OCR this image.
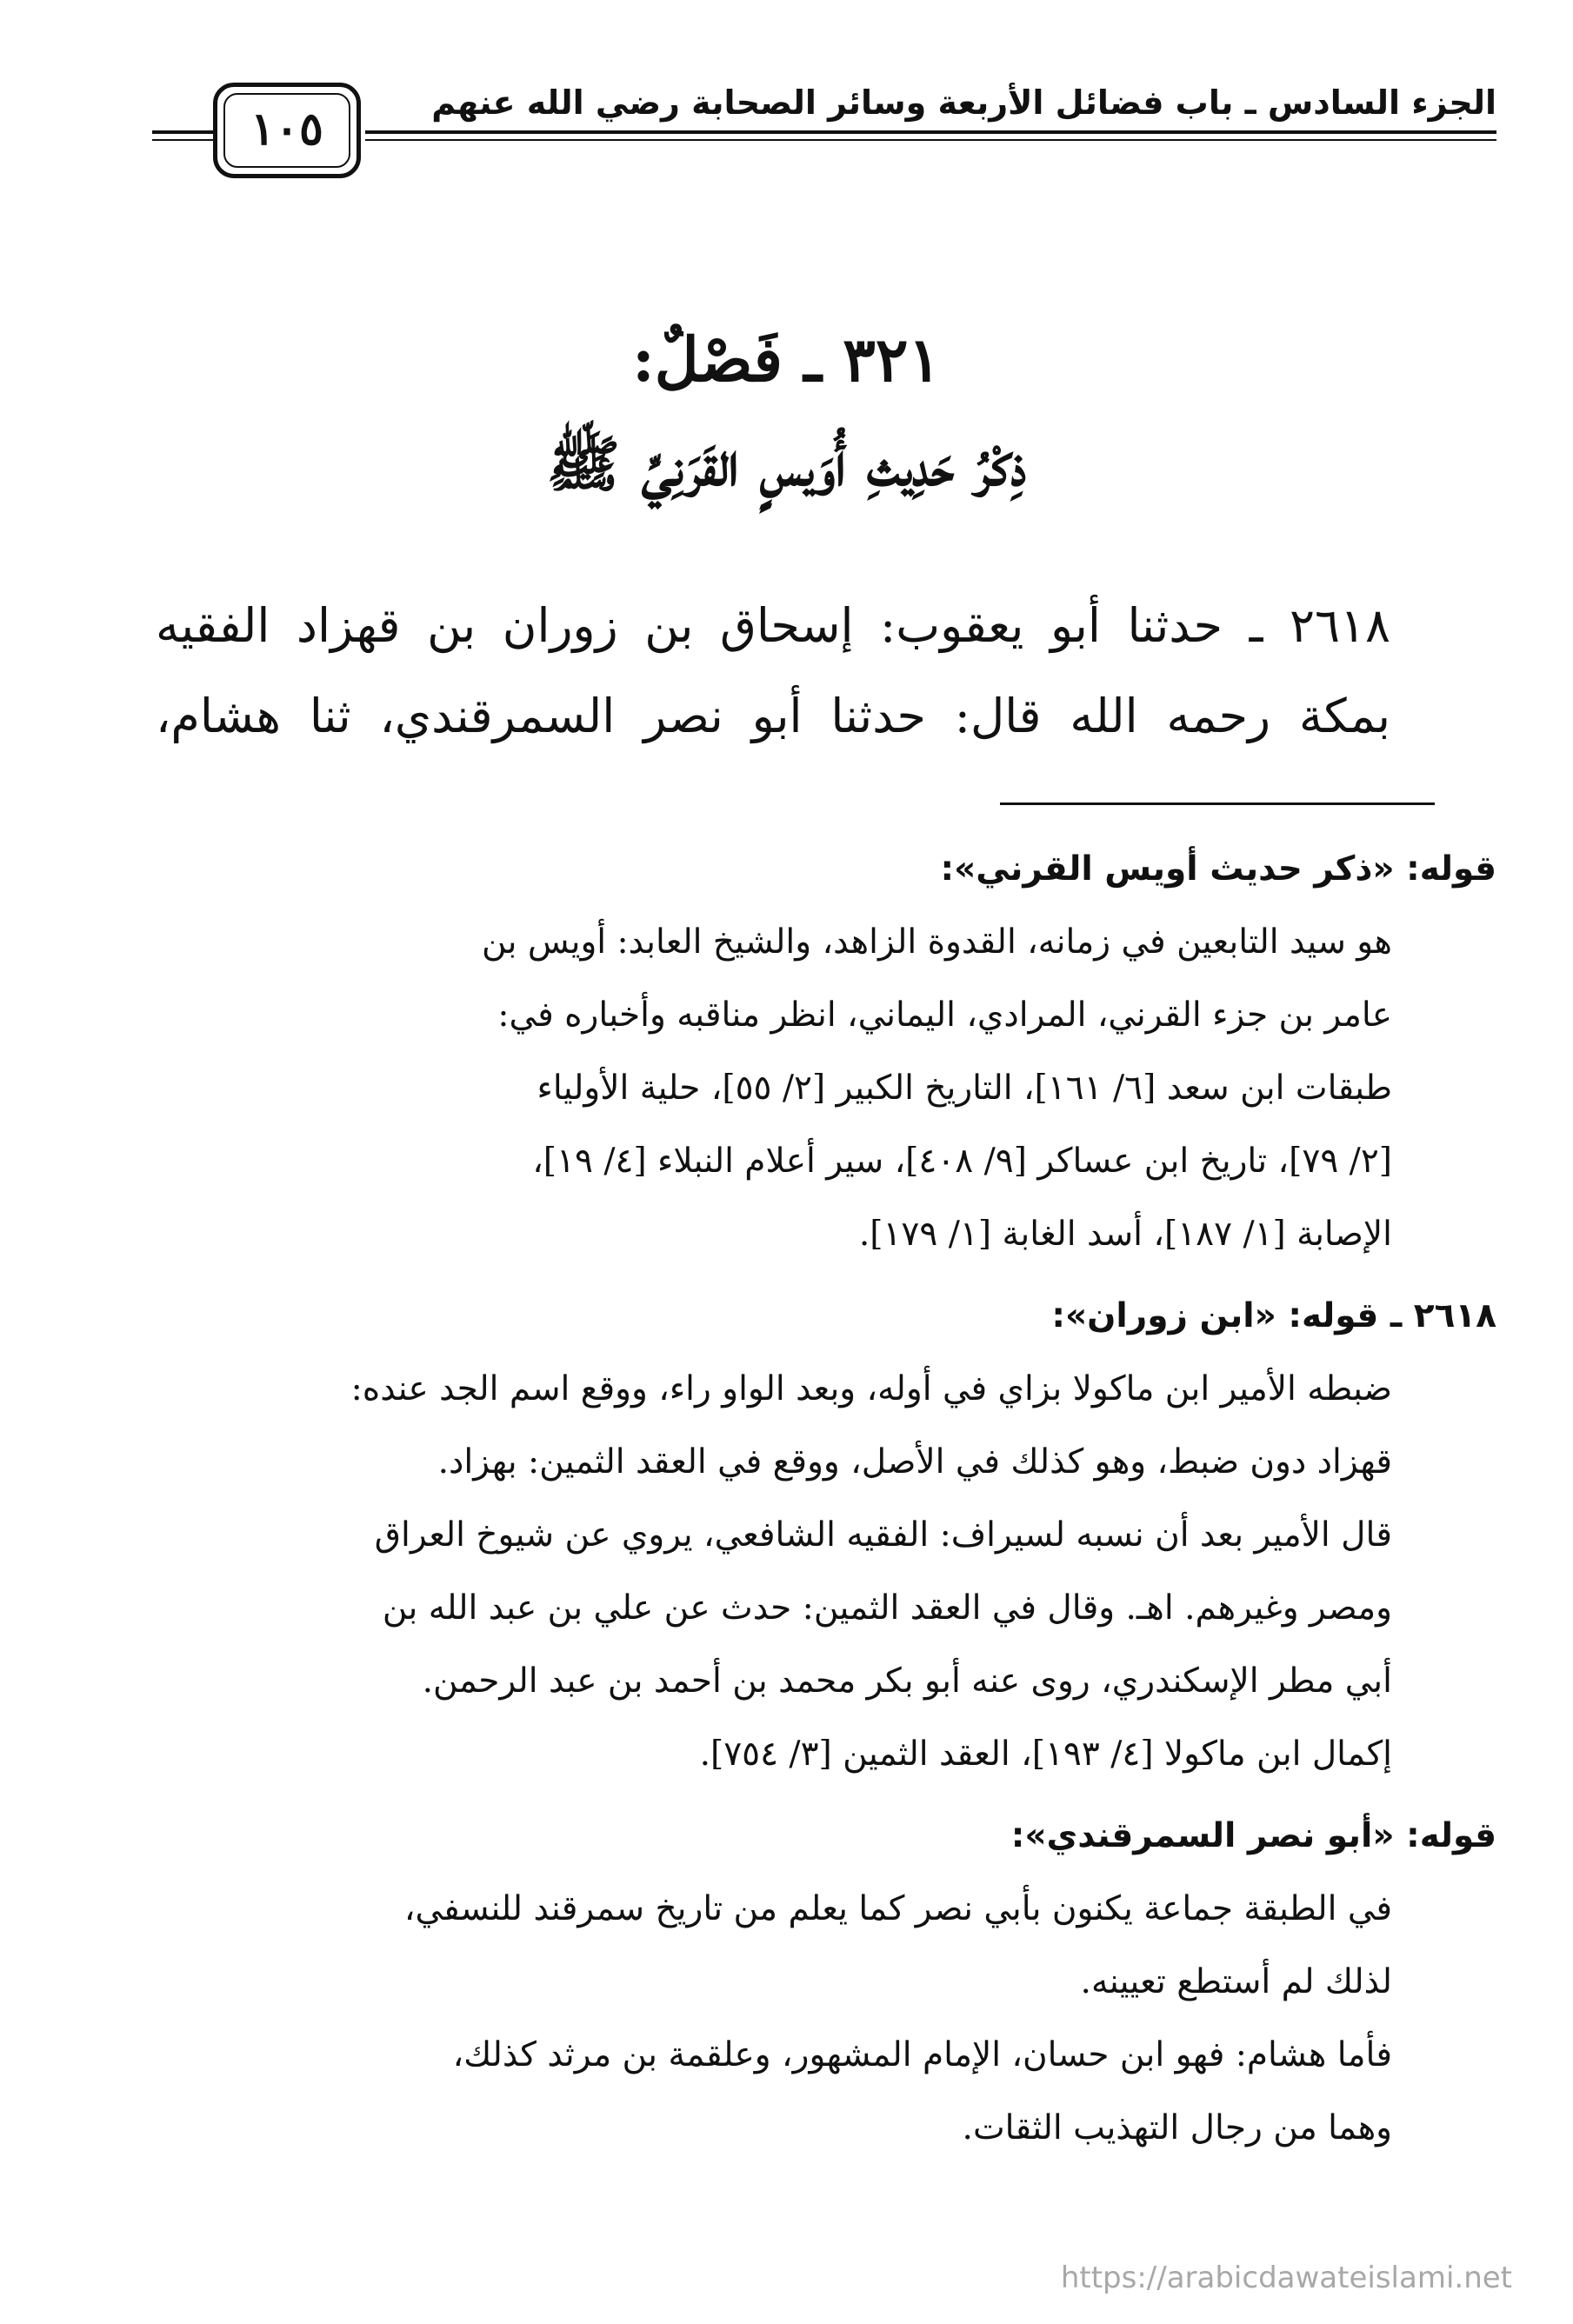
الجزء السادس ـ باب فضائل الأربعة وسائر الصحابة رضي الله عنهم
١٠٥
٣٢١ ـ فَصْلٌ:
ذِكْرُ حَدِيثِ أُوَيسٍ القَرَنِيِّ ﷺ
٢٦١٨ ـ حدثنا أبو يعقوب: إسحاق بن زوران بن قهزاد الفقيه
بمكة رحمه الله قال: حدثنا أبو نصر السمرقندي، ثنا هشام،
قوله: «ذكر حديث أويس القرني»:
هو سيد التابعين في زمانه، القدوة الزاهد، والشيخ العابد: أويس بن
عامر بن جزء القرني، المرادي، اليماني، انظر مناقبه وأخباره في:
طبقات ابن سعد [٦/ ١٦١]، التاريخ الكبير [٢/ ٥٥]، حلية الأولياء
[٢/ ٧٩]، تاريخ ابن عساكر [٩/ ٤٠٨]، سير أعلام النبلاء [٤/ ١٩]،
الإصابة [١/ ١٨٧]، أسد الغابة [١/ ١٧٩].
٢٦١٨ ـ قوله: «ابن زوران»:
ضبطه الأمير ابن ماكولا بزاي في أوله، وبعد الواو راء، ووقع اسم الجد عنده:
قهزاد دون ضبط، وهو كذلك في الأصل، ووقع في العقد الثمين: بهزاد.
قال الأمير بعد أن نسبه لسيراف: الفقيه الشافعي، يروي عن شيوخ العراق
ومصر وغيرهم. اهـ. وقال في العقد الثمين: حدث عن علي بن عبد الله بن
أبي مطر الإسكندري، روى عنه أبو بكر محمد بن أحمد بن عبد الرحمن.
إكمال ابن ماكولا [٤/ ١٩٣]، العقد الثمين [٣/ ٧٥٤].
قوله: «أبو نصر السمرقندي»:
في الطبقة جماعة يكنون بأبي نصر كما يعلم من تاريخ سمرقند للنسفي،
لذلك لم أستطع تعيينه.
فأما هشام: فهو ابن حسان، الإمام المشهور، وعلقمة بن مرثد كذلك،
وهما من رجال التهذيب الثقات.
https://arabicdawateislami.net
